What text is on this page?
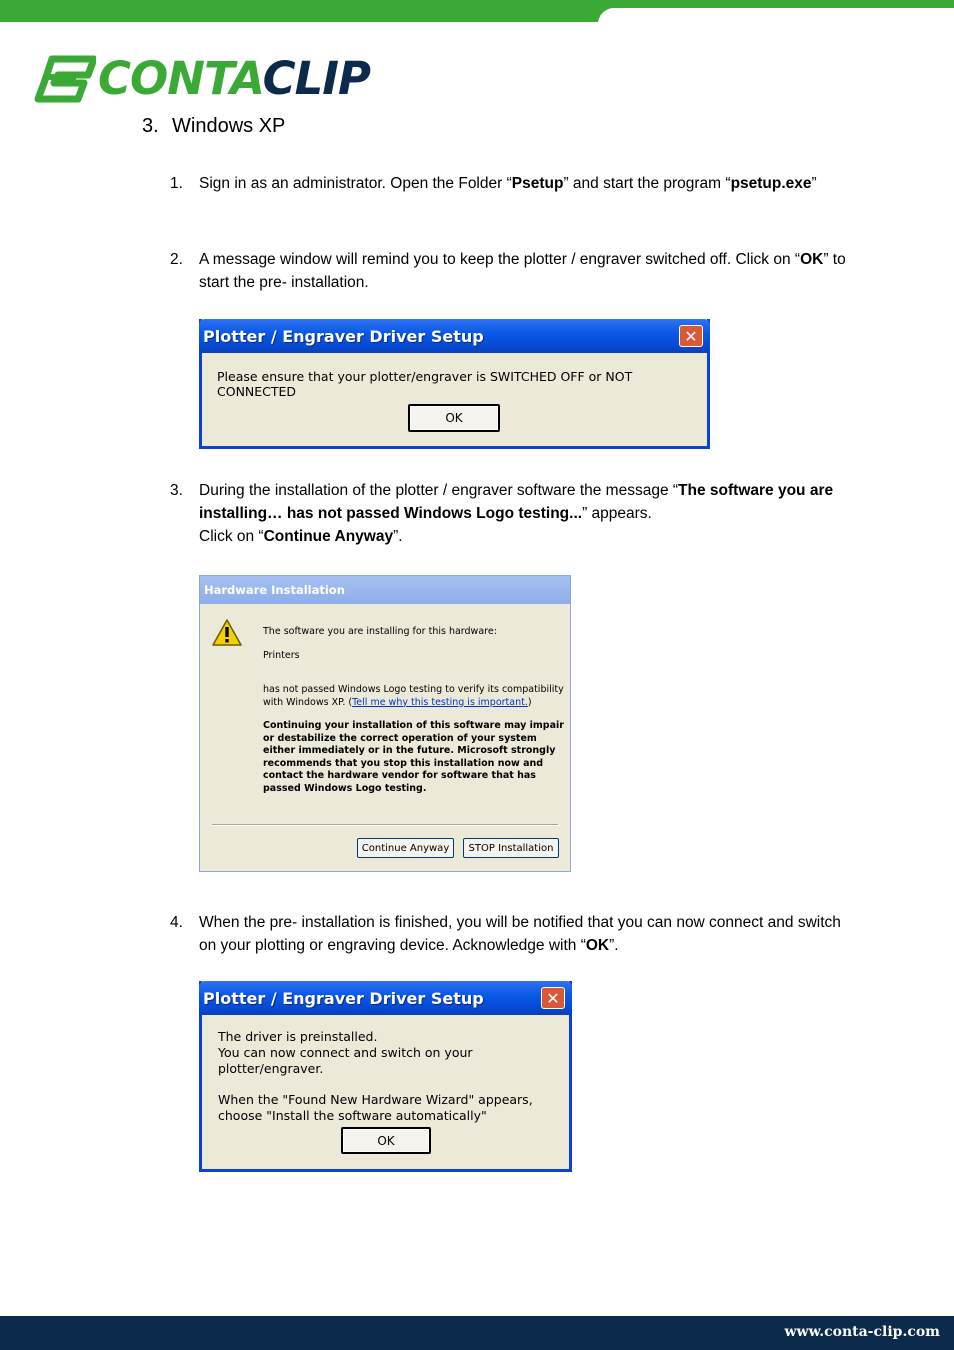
CONTACLIP
3. Windows XP
1.	Sign in as an administrator. Open the Folder “Psetup” and start the program “psetup.exe”
2.	A message window will remind you to keep the plotter / engraver switched off. Click on “OK” to start the pre- installation.
Plotter / Engraver Driver Setup	✕
Please ensure that your plotter/engraver is SWITCHED OFF or NOT CONNECTED
OK
3.	During the installation of the plotter / engraver software the message “The software you are installing… has not passed Windows Logo testing...” appears.
Click on “Continue Anyway”.
Hardware Installation
The software you are installing for this hardware:
Printers
has not passed Windows Logo testing to verify its compatibility
with Windows XP. (Tell me why this testing is important.)
Continuing your installation of this software may impair
or destabilize the correct operation of your system
either immediately or in the future. Microsoft strongly
recommends that you stop this installation now and
contact the hardware vendor for software that has
passed Windows Logo testing.
Continue Anyway	STOP Installation
4.	When the pre- installation is finished, you will be notified that you can now connect and switch on your plotting or engraving device. Acknowledge with “OK”.
Plotter / Engraver Driver Setup	✕
The driver is preinstalled.
You can now connect and switch on your plotter/engraver.
When the "Found New Hardware Wizard" appears,
choose "Install the software automatically"
OK
www.conta-clip.com
